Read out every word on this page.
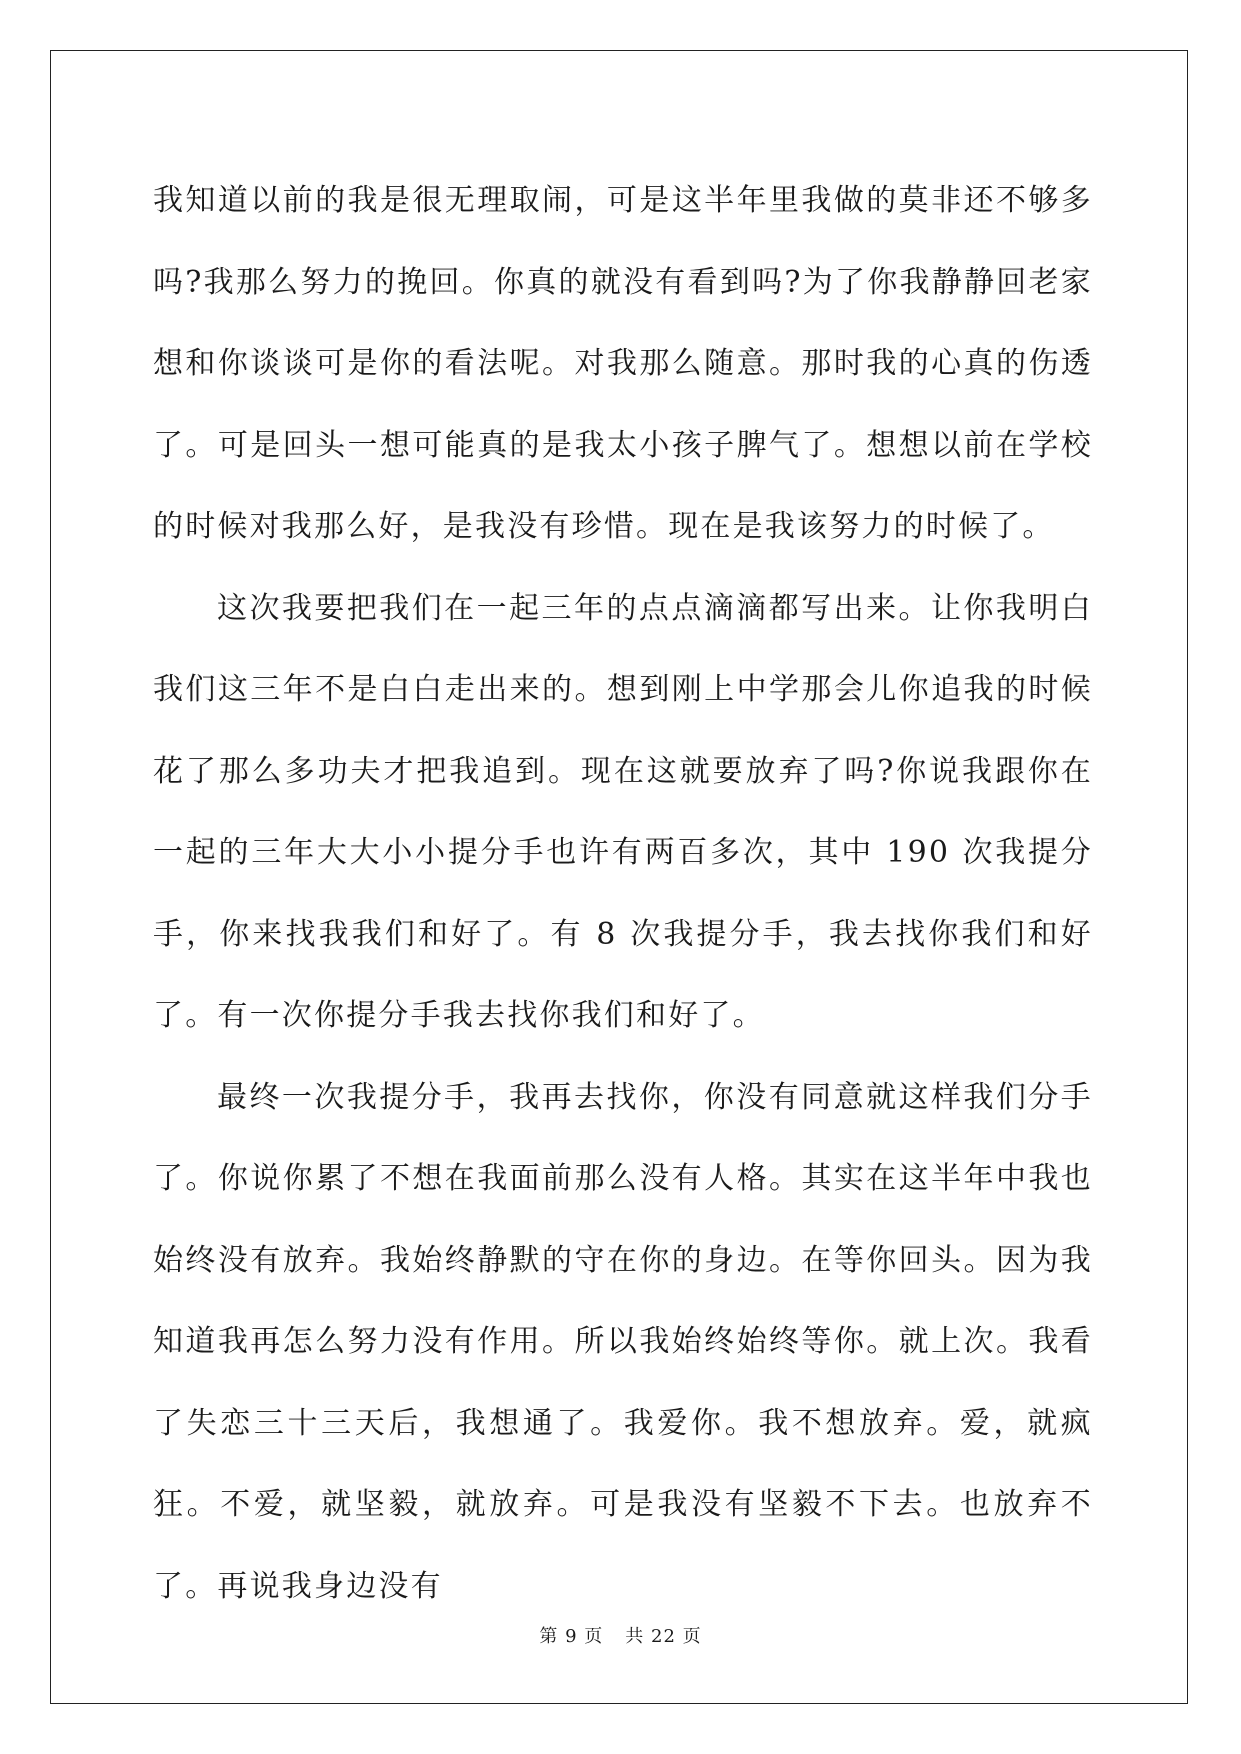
我知道以前的我是很无理取闹，可是这半年里我做的莫非还不够多吗?我那么努力的挽回。你真的就没有看到吗?为了你我静静回老家想和你谈谈可是你的看法呢。对我那么随意。那时我的心真的伤透了。可是回头一想可能真的是我太小孩子脾气了。想想以前在学校的时候对我那么好，是我没有珍惜。现在是我该努力的时候了。

这次我要把我们在一起三年的点点滴滴都写出来。让你我明白我们这三年不是白白走出来的。想到刚上中学那会儿你追我的时候花了那么多功夫才把我追到。现在这就要放弃了吗?你说我跟你在一起的三年大大小小提分手也许有两百多次，其中 190 次我提分手，你来找我我们和好了。有 8 次我提分手，我去找你我们和好了。有一次你提分手我去找你我们和好了。

最终一次我提分手，我再去找你，你没有同意就这样我们分手了。你说你累了不想在我面前那么没有人格。其实在这半年中我也始终没有放弃。我始终静默的守在你的身边。在等你回头。因为我知道我再怎么努力没有作用。所以我始终始终等你。就上次。我看了失恋三十三天后，我想通了。我爱你。我不想放弃。爱，就疯狂。不爱，就坚毅，就放弃。可是我没有坚毅不下去。也放弃不了。再说我身边没有

第 9 页 共 22 页
